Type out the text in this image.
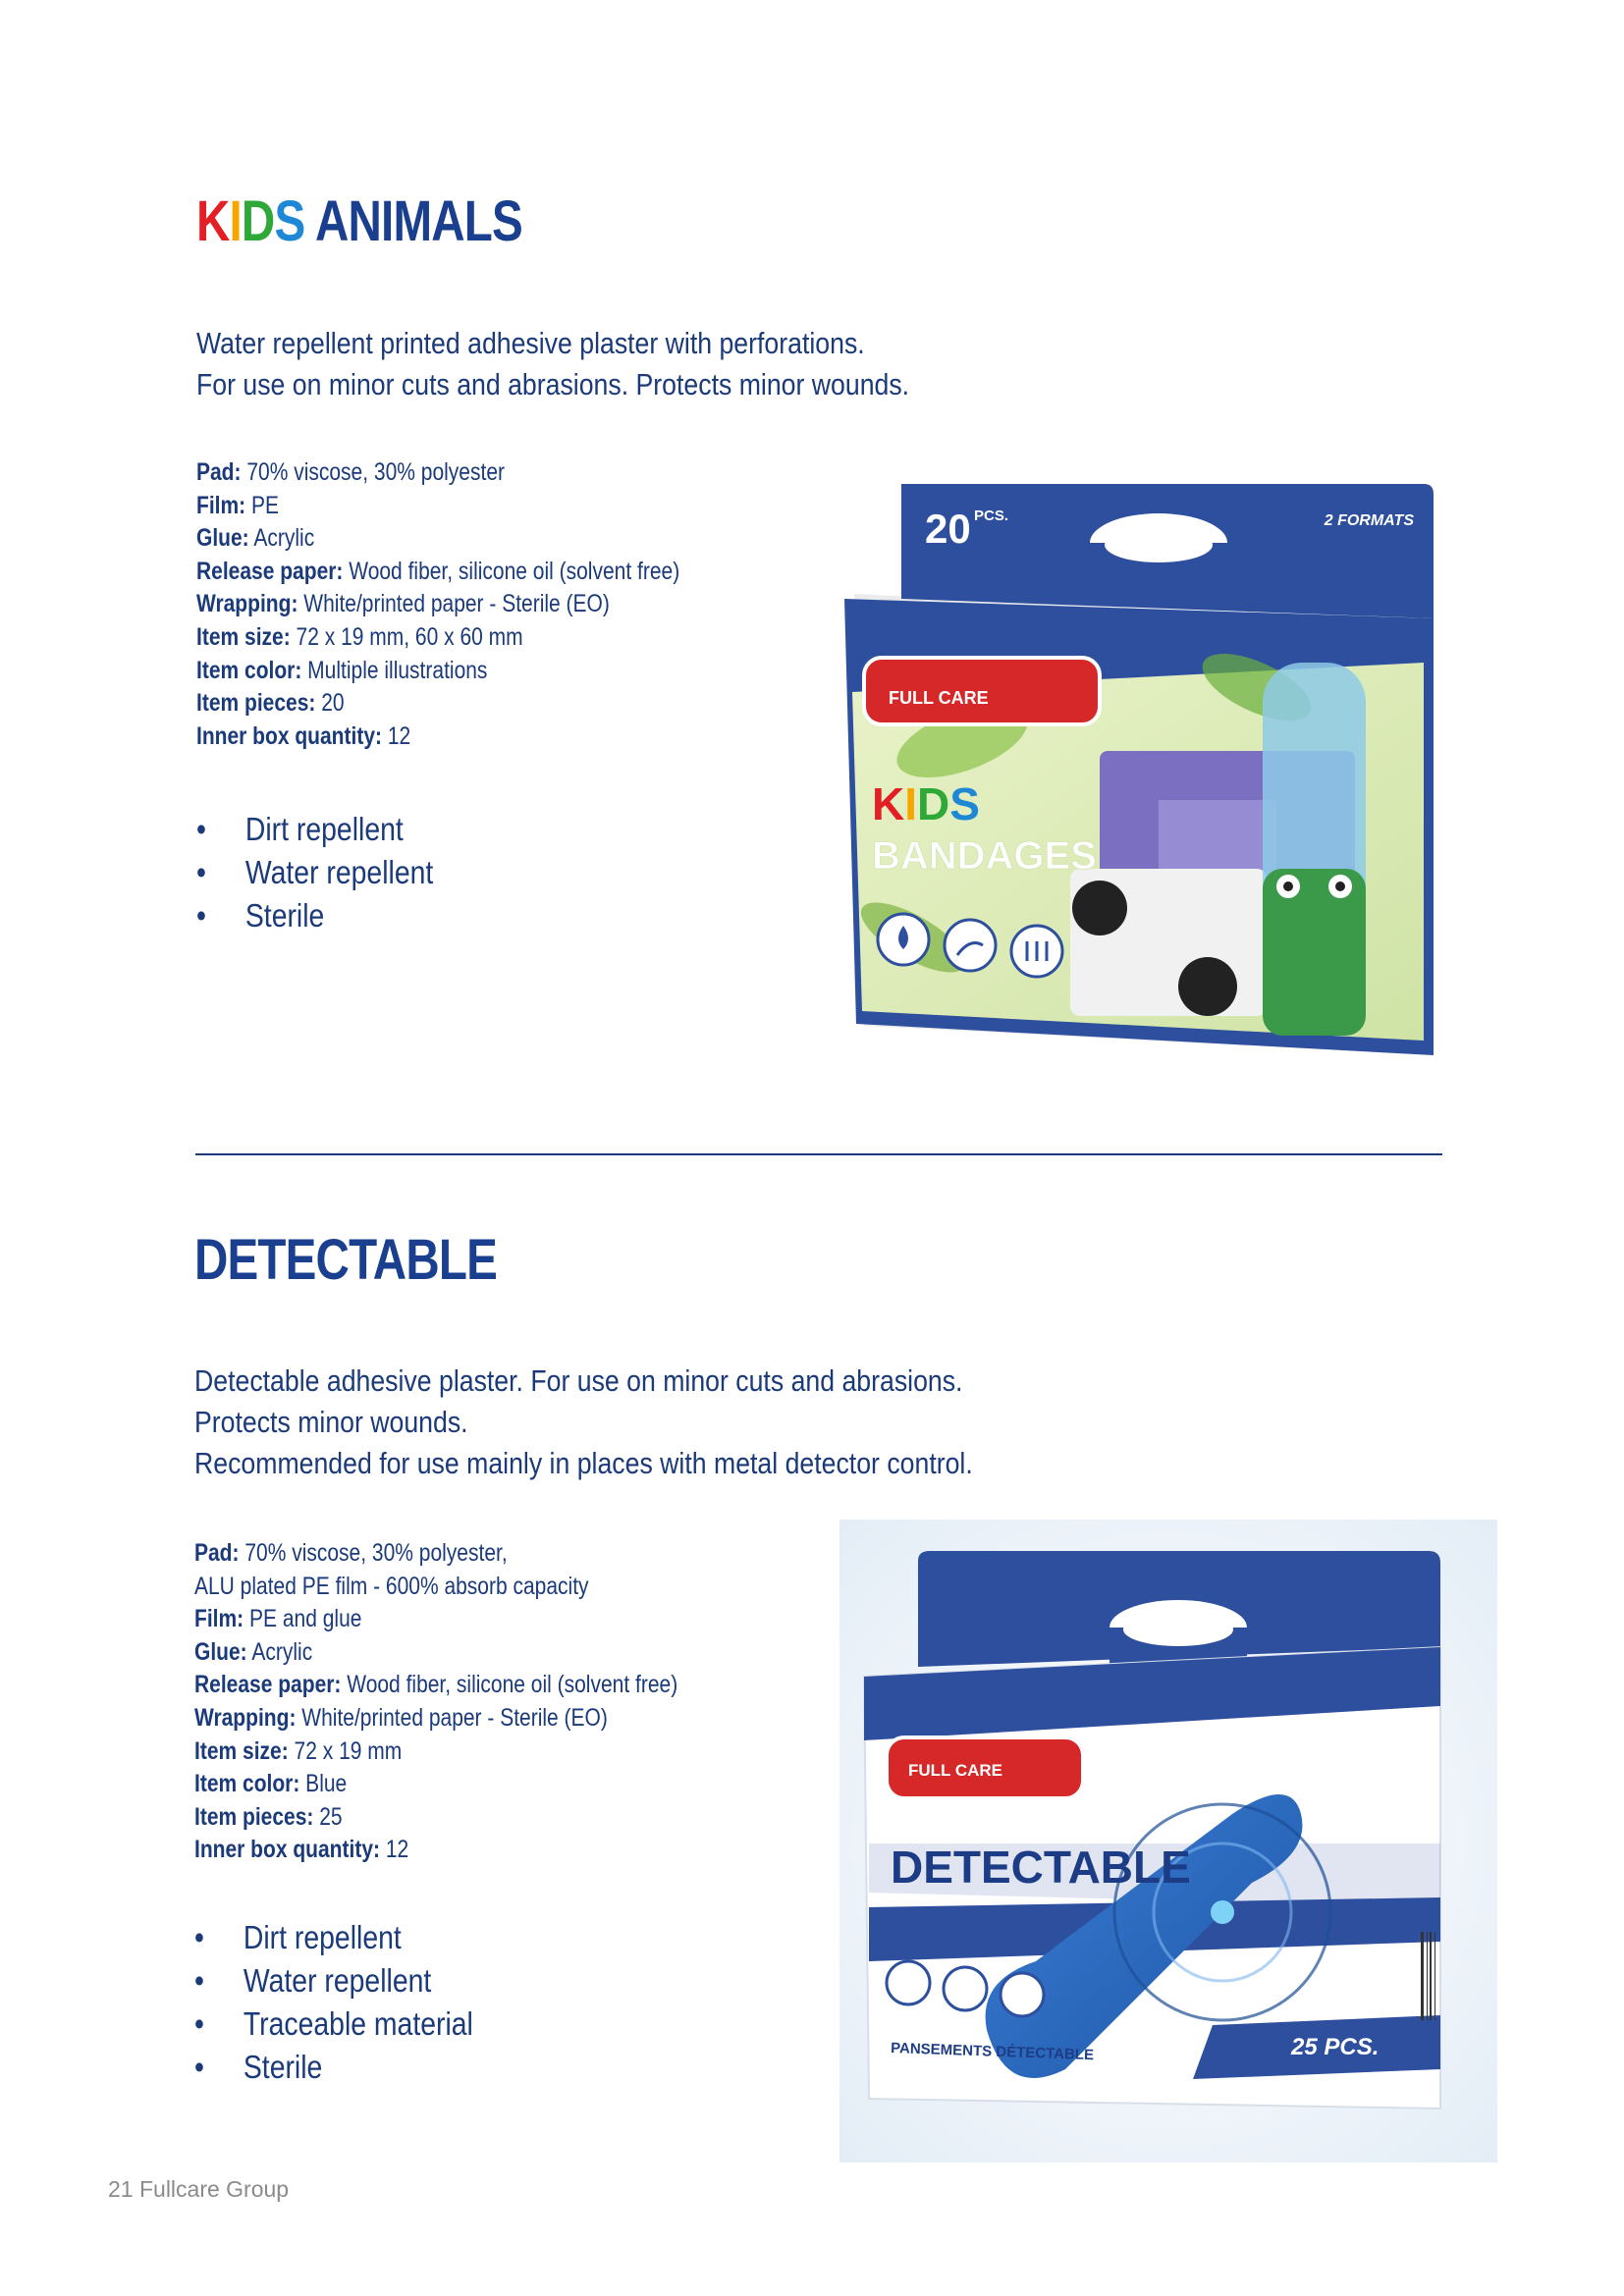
KIDS ANIMALS
Water repellent printed adhesive plaster with perforations.
For use on minor cuts and abrasions. Protects minor wounds.
Pad: 70% viscose, 30% polyester
Film: PE
Glue: Acrylic
Release paper: Wood fiber, silicone oil (solvent free)
Wrapping: White/printed paper - Sterile (EO)
Item size: 72 x 19 mm, 60 x 60 mm
Item color: Multiple illustrations
Item pieces: 20
Inner box quantity: 12
• Dirt repellent
• Water repellent
• Sterile
20 PCS.	2 FORMATS
FULL CARE
KIDS
BANDAGES
DETECTABLE
Detectable adhesive plaster. For use on minor cuts and abrasions.
Protects minor wounds.
Recommended for use mainly in places with metal detector control.
Pad: 70% viscose, 30% polyester,
ALU plated PE film - 600% absorb capacity
Film: PE and glue
Glue: Acrylic
Release paper: Wood fiber, silicone oil (solvent free)
Wrapping: White/printed paper - Sterile (EO)
Item size: 72 x 19 mm
Item color: Blue
Item pieces: 25
Inner box quantity: 12
• Dirt repellent
• Water repellent
• Traceable material
• Sterile
FULL CARE
DETECTABLE
PANSEMENTS DÉTECTABLE	25 PCS.
21 Fullcare Group
